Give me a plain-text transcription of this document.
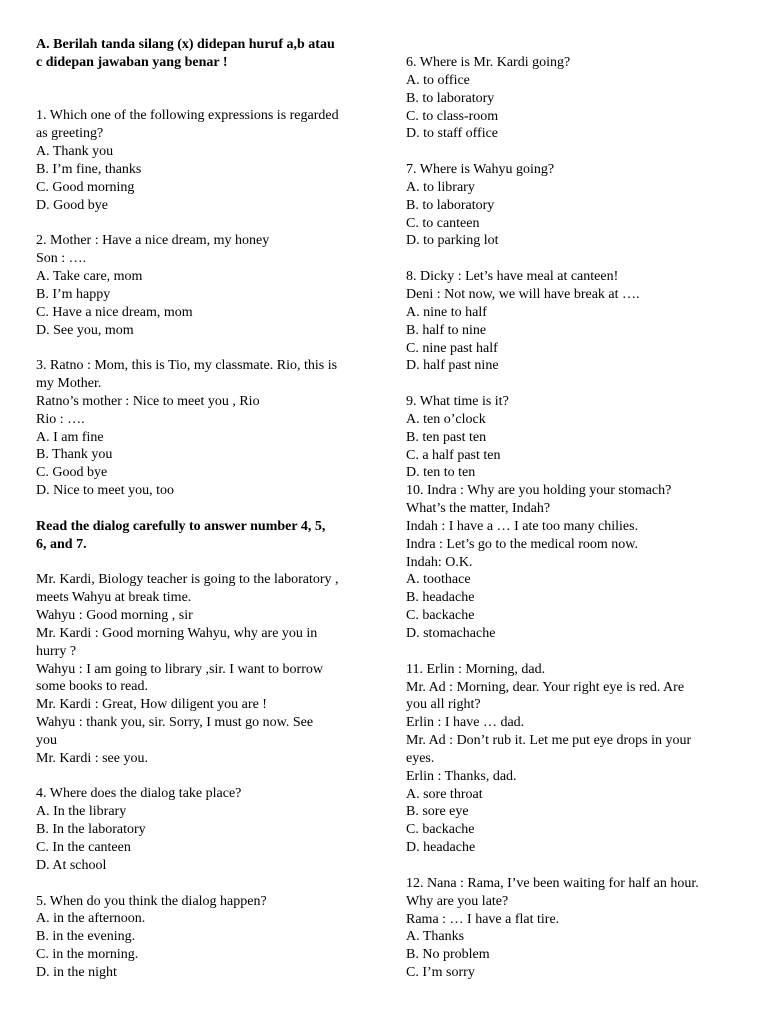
A. Berilah tanda silang (x) didepan huruf a,b atau
c didepan jawaban yang benar !
1. Which one of the following expressions is regarded
as greeting?
A. Thank you
B. I’m fine, thanks
C. Good morning
D. Good bye
2. Mother : Have a nice dream, my honey
Son : ….
A. Take care, mom
B. I’m happy
C. Have a nice dream, mom
D. See you, mom
3. Ratno : Mom, this is Tio, my classmate. Rio, this is
my Mother.
Ratno’s mother : Nice to meet you , Rio
Rio : ….
A. I am fine
B. Thank you
C. Good bye
D. Nice to meet you, too
Read the dialog carefully to answer number 4, 5,
6, and 7.
Mr. Kardi, Biology teacher is going to the laboratory ,
meets Wahyu at break time.
Wahyu : Good morning , sir
Mr. Kardi : Good morning Wahyu, why are you in
hurry ?
Wahyu : I am going to library ,sir. I want to borrow
some books to read.
Mr. Kardi : Great, How diligent you are !
Wahyu : thank you, sir. Sorry, I must go now. See
you
Mr. Kardi : see you.
4. Where does the dialog take place?
A. In the library
B. In the laboratory
C. In the canteen
D. At school
5. When do you think the dialog happen?
A. in the afternoon.
B. in the evening.
C. in the morning.
D. in the night
6. Where is Mr. Kardi going?
A. to office
B. to laboratory
C. to class-room
D. to staff office
7. Where is Wahyu going?
A. to library
B. to laboratory
C. to canteen
D. to parking lot
8. Dicky : Let’s have meal at canteen!
Deni : Not now, we will have break at ….
A. nine to half
B. half to nine
C. nine past half
D. half past nine
9. What time is it?
A. ten o’clock
B. ten past ten
C. a half past ten
D. ten to ten
10. Indra : Why are you holding your stomach?
What’s the matter, Indah?
Indah : I have a … I ate too many chilies.
Indra : Let’s go to the medical room now.
Indah: O.K.
A. toothace
B. headache
C. backache
D. stomachache
11. Erlin : Morning, dad.
Mr. Ad : Morning, dear. Your right eye is red. Are
you all right?
Erlin : I have … dad.
Mr. Ad : Don’t rub it. Let me put eye drops in your
eyes.
Erlin : Thanks, dad.
A. sore throat
B. sore eye
C. backache
D. headache
12. Nana : Rama, I’ve been waiting for half an hour.
Why are you late?
Rama : … I have a flat tire.
A. Thanks
B. No problem
C. I’m sorry
